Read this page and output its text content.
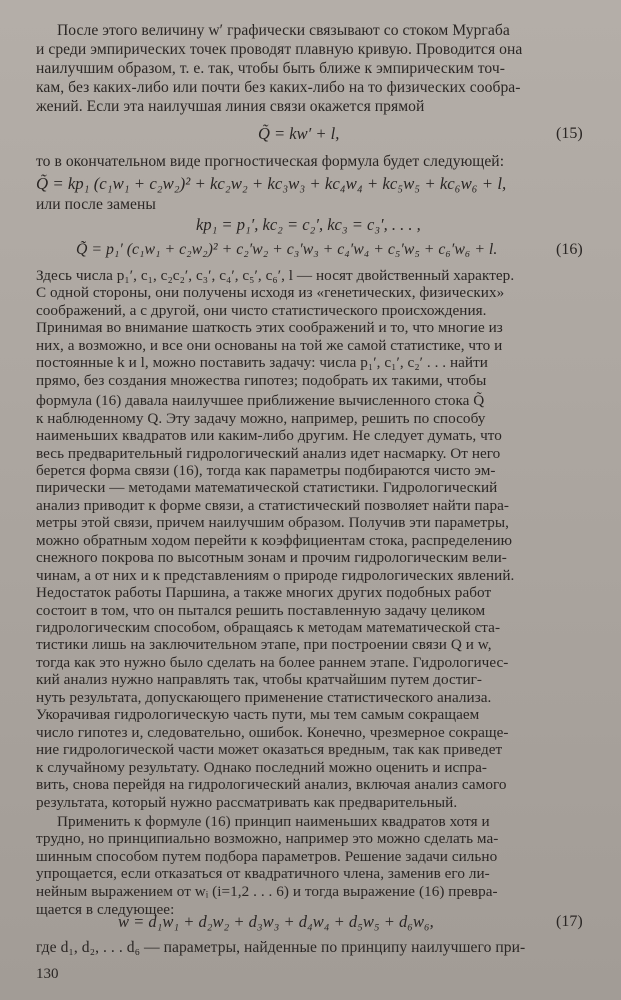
После этого величину w′ графически связывают со стоком Мургаба
и среди эмпирических точек проводят плавную кривую. Проводится она
наилучшим образом, т. е. так, чтобы быть ближе к эмпирическим точ-
кам, без каких-либо или почти без каких-либо на то физических сообра-
жений. Если эта наилучшая линия связи окажется прямой
Q̃ = kw′ + l,	(15)
то в окончательном виде прогностическая формула будет следующей:
Q̃ = kp₁ (c₁w₁ + c₂w₂)² + kc₂w₂ + kc₃w₃ + kc₄w₄ + kc₅w₅ + kc₆w₆ + l,
или после замены
kp₁ = p₁′, kc₂ = c₂′, kc₃ = c₃′, . . . ,
Q̃ = p₁′ (c₁w₁ + c₂w₂)² + c₂′w₂ + c₃′w₃ + c₄′w₄ + c₅′w₅ + c₆′w₆ + l.	(16)
Здесь числа p₁′, c₁, c₂c₂′, c₃′, c₄′, c₅′, c₆′, l — носят двойственный характер.
С одной стороны, они получены исходя из «генетических, физических»
соображений, а с другой, они чисто статистического происхождения.
Принимая во внимание шаткость этих соображений и то, что многие из
них, а возможно, и все они основаны на той же самой статистике, что и
постоянные k и l, можно поставить задачу: числа p₁′, c₁′, c₂′ . . . найти
прямо, без создания множества гипотез; подобрать их такими, чтобы
формула (16) давала наилучшее приближение вычисленного стока Q̃
к наблюденному Q. Эту задачу можно, например, решить по способу
наименьших квадратов или каким-либо другим. Не следует думать, что
весь предварительный гидрологический анализ идет насмарку. От него
берется форма связи (16), тогда как параметры подбираются чисто эм-
пирически — методами математической статистики. Гидрологический
анализ приводит к форме связи, а статистический позволяет найти пара-
метры этой связи, причем наилучшим образом. Получив эти параметры,
можно обратным ходом перейти к коэффициентам стока, распределению
снежного покрова по высотным зонам и прочим гидрологическим вели-
чинам, а от них и к представлениям о природе гидрологических явлений.
Недостаток работы Паршина, а также многих других подобных работ
состоит в том, что он пытался решить поставленную задачу целиком
гидрологическим способом, обращаясь к методам математической ста-
тистики лишь на заключительном этапе, при построении связи Q и w,
тогда как это нужно было сделать на более раннем этапе. Гидрологичес-
кий анализ нужно направлять так, чтобы кратчайшим путем достиг-
нуть результата, допускающего применение статистического анализа.
Укорачивая гидрологическую часть пути, мы тем самым сокращаем
число гипотез и, следовательно, ошибок. Конечно, чрезмерное сокраще-
ние гидрологической части может оказаться вредным, так как приведет
к случайному результату. Однако последний можно оценить и испра-
вить, снова перейдя на гидрологический анализ, включая анализ самого
результата, который нужно рассматривать как предварительный.
Применить к формуле (16) принцип наименьших квадратов хотя и
трудно, но принципиально возможно, например это можно сделать ма-
шинным способом путем подбора параметров. Решение задачи сильно
упрощается, если отказаться от квадратичного члена, заменив его ли-
нейным выражением от wᵢ (i=1,2 . . . 6) и тогда выражение (16) превра-
щается в следующее:
w = d₁w₁ + d₂w₂ + d₃w₃ + d₄w₄ + d₅w₅ + d₆w₆,	(17)
где d₁, d₂, . . . d₆ — параметры, найденные по принципу наилучшего при-
130
